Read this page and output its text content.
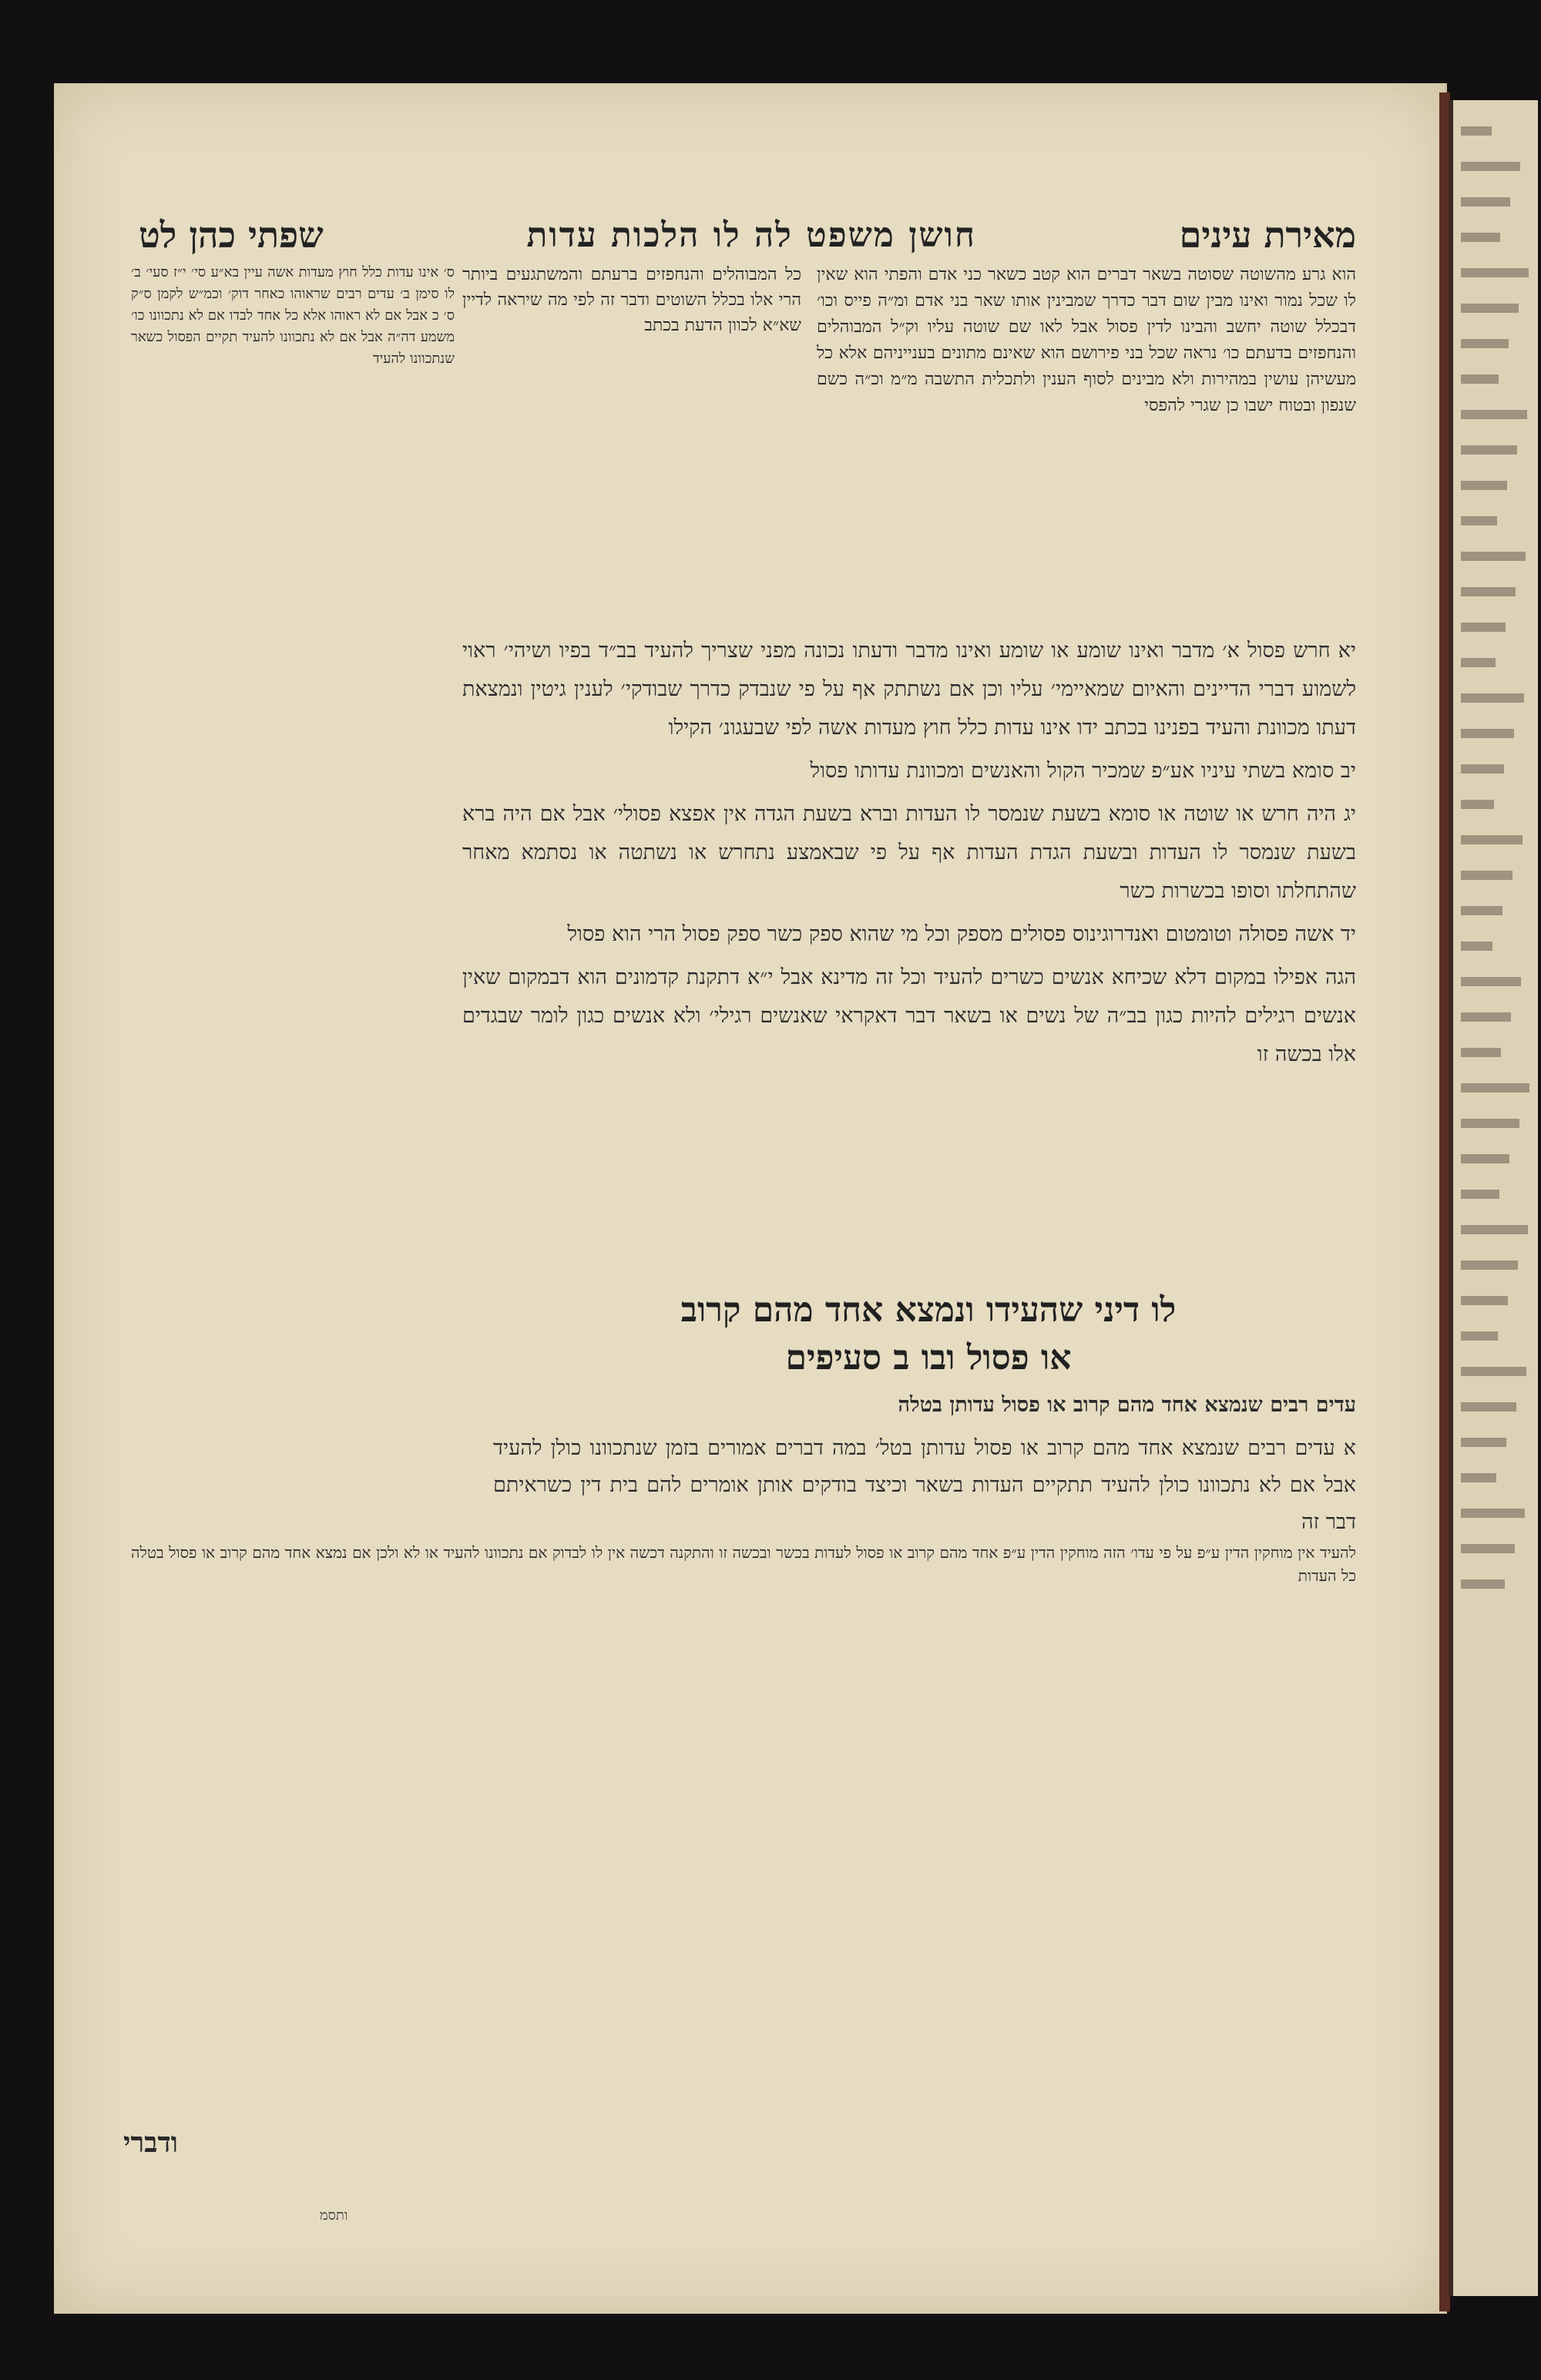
מאירת עינים
חושן משפט לה לו הלכות עדות
שפתי כהן לט
הוא גרע מהשוטה שסוטה בשאר דברים הוא קטב כשאר כני אדם והפתי הוא שאין לו שכל נמור ואינו מבין שום דבר כדרך שמבינין אותו שאר בני אדם ומ״ה פייס וכו׳ דבכלל שוטה יחשב והבינו לדין פסול אבל לאו שם שוטה עליו וק״ל המבוהלים והנחפזים בדעתם כו׳ נראה שכל בני פירושם הוא שאינם מתונים בענייניהם אלא כל מעשיהן עושין במהירות ולא מבינים לסוף הענין ולתכלית התשבה מ״מ וכ״ה כשם שנפון ובטוח ישבו כן שגרי להפסי
כל המבוהלים והנחפזים ברעתם והמשתגעים ביותר הרי אלו בכלל השוטים ודבר זה לפי מה שיראה לדיין שא״א לכוון הדעת בכתב
ס׳ אינו עדות כלל חוץ מעדות אשה עיין בא״ע סי׳ י״ז סעי׳ ב׳ לו סימן ב׳ עדים רבים שראוהו כאחר דוק׳ וכמ״ש לקמן ס״ק ס׳ כ אבל אם לא ראוהו אלא כל אחד לבדו אם לא נתכוונו כו׳ משמע דה״ה אבל אם לא נתכוונו להעיד תקיים הפסול כשאר שנתכוונו להעיד

יא חרש פסול א׳ מדבר ואינו שומע או שומע ואינו מדבר ודעתו נכונה מפני שצריך להעיד בב״ד בפיו ושיהי׳ ראוי לשמוע דברי הדיינים והאיום שמאיימי׳ עליו וכן אם נשתתק אף על פי שנבדק כדרך שבודקי׳ לענין גיטין ונמצאת דעתו מכוונת והעיד בפנינו בכתב ידו אינו עדות כלל חוץ מעדות אשה לפי שבעגונ׳ הקילו

יב סומא בשתי עיניו אע״פ שמכיר הקול והאנשים ומכוונת עדותו פסול

יג היה חרש או שוטה או סומא בשעת שנמסר לו העדות וברא בשעת הגדה אין אפצא פסולי׳ אבל אם היה ברא בשעת שנמסר לו העדות ובשעת הגדת העדות אף על פי שבאמצע נתחרש או נשתטה או נסתמא מאחר שהתחלתו וסופו בכשרות כשר

יד אשה פסולה וטומטום ואנדרוגינוס פסולים מספק וכל מי שהוא ספק כשר ספק פסול הרי הוא פסול

הגה אפילו במקום דלא שכיחא אנשים כשרים להעיד וכל זה מדינא אבל י״א דתקנת קדמונים הוא דבמקום שאין אנשים רגילים להיות כגון בב״ה של נשים או בשאר דבר דאקראי שאנשים רגילי׳ ולא אנשים כגון לומר שבגדים אלו בכשה זו

לו דיני שהעידו ונמצא אחד מהם קרוב
או פסול ובו ב סעיפים

עדים רבים שנמצא אחד מהם קרוב או פסול עדותן בטלה

א עדים רבים שנמצא אחד מהם קרוב או פסול עדותן בטל׳ במה דברים אמורים בזמן שנתכוונו כולן להעיד אבל אם לא נתכוונו כולן להעיד תתקיים העדות בשאר וכיצד בודקים אותן אומרים להם בית דין כשראיתם דבר זה

להעיד אין מוחקין הדין ע״פ על פי עדו׳ הזה מוחקין הדין ע״פ אחד מהם קרוב או פסול לעדות בכשר ובכשה זו והתקנה דכשה אין לו לבדוק אם נתכוונו להעיד או לא ולכן אם נמצא אחד מהם קרוב או פסול בטלה כל העדות
ודברי
ותסמ
